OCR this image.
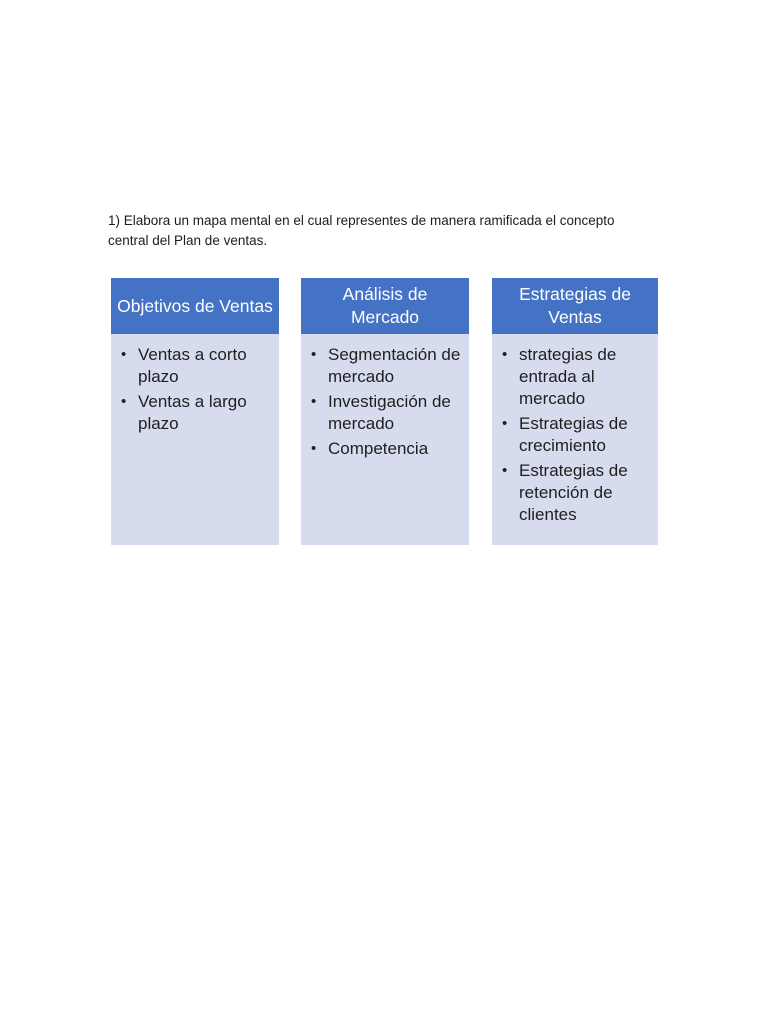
1) Elabora un mapa mental en el cual representes de manera ramificada el concepto
central del Plan de ventas.
Objetivos de Ventas
• Ventas a corto plazo
• Ventas a largo plazo
Análisis de Mercado
• Segmentación de mercado
• Investigación de mercado
• Competencia
Estrategias de Ventas
• strategias de entrada al mercado
• Estrategias de crecimiento
• Estrategias de retención de clientes
